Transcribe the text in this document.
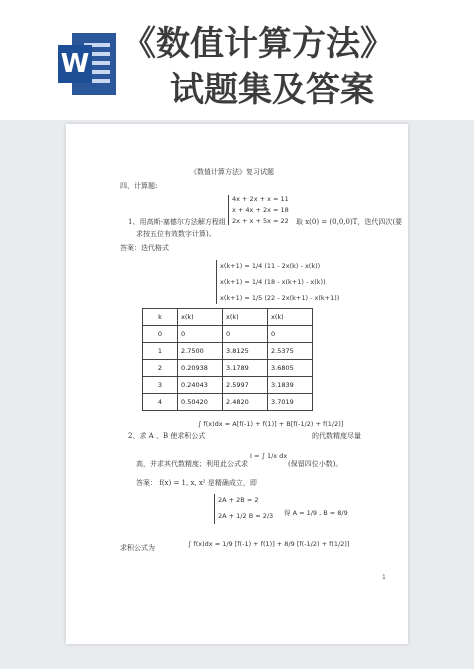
W 《数值计算方法》
试题集及答案
《数值计算方法》复习试题
四、计算题:
4x + 2x + x = 11
x + 4x + 2x = 18
2x + x + 5x = 22
1、用高斯-塞德尔方法解方程组	取 x(0) = (0,0,0)T，迭代四次(要
求按五位有效数字计算)。
答案：迭代格式
x(k+1) = 1/4 (11 - 2x(k) - x(k))
x(k+1) = 1/4 (18 - x(k+1) - x(k))
x(k+1) = 1/5 (22 - 2x(k+1) - x(k+1))
k	x(k)	x(k)	x(k)
0	0	0	0
1	2.7500	3.8125	2.5375
2	0.20938	3.1789	3.6805
3	0.24043	2.5997	3.1839
4	0.50420	2.4820	3.7019
∫ f(x)dx ≈ A[f(-1) + f(1)] + B[f(-1/2) + f(1/2)]
2、求 A 、B 使求积公式	的代数精度尽量
高，并求其代数精度；利用此公式求
I = ∫ 1/x dx
(保留四位小数)。
答案： f(x) = 1, x, x² 是精确成立，即
2A + 2B = 2
2A + 1/2 B = 2/3 得 A = 1/9 , B = 8/9
求积公式为	∫ f(x)dx ≈ 1/9 [f(-1) + f(1)] + 8/9 [f(-1/2) + f(1/2)]
1
